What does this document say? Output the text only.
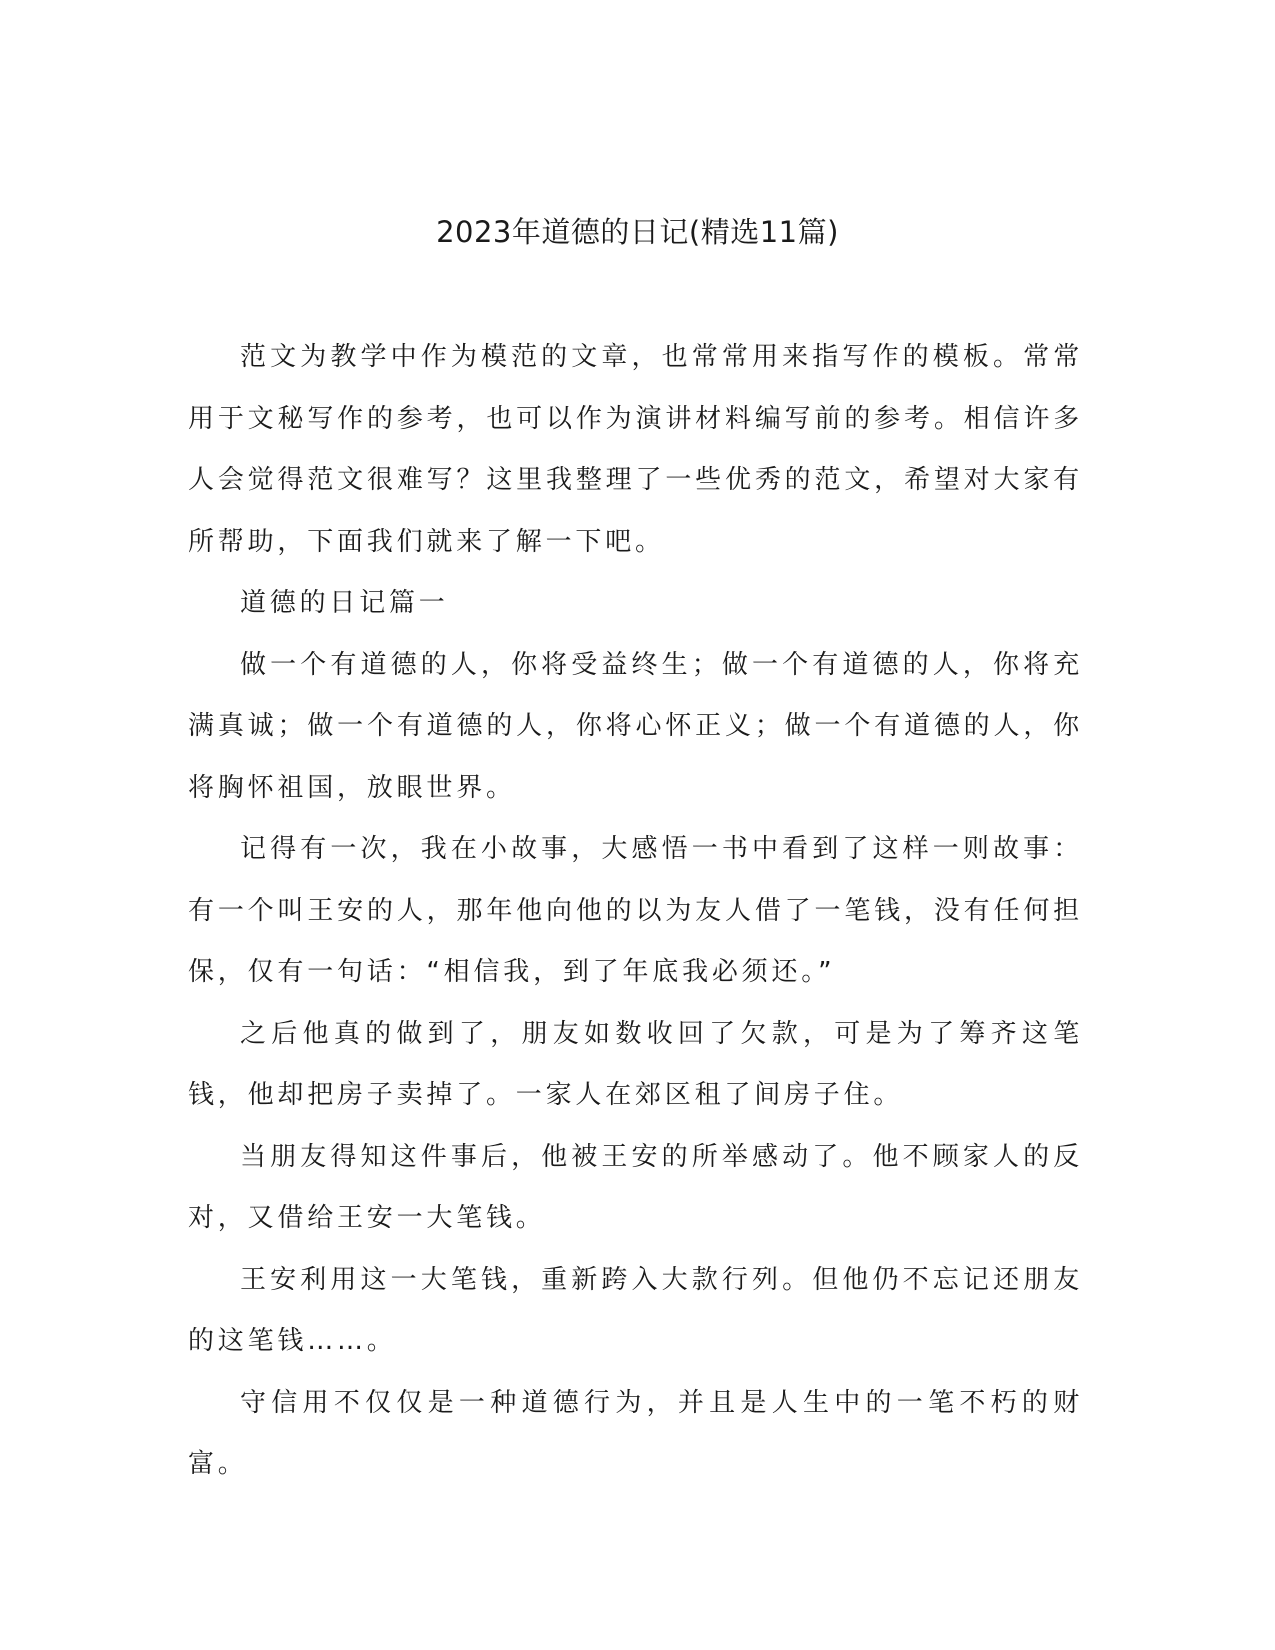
2023年道德的日记(精选11篇)

范文为教学中作为模范的文章，也常常用来指写作的模板。常常用于文秘写作的参考，也可以作为演讲材料编写前的参考。相信许多人会觉得范文很难写？这里我整理了一些优秀的范文，希望对大家有所帮助，下面我们就来了解一下吧。

道德的日记篇一

做一个有道德的人，你将受益终生；做一个有道德的人，你将充满真诚；做一个有道德的人，你将心怀正义；做一个有道德的人，你将胸怀祖国，放眼世界。

记得有一次，我在小故事，大感悟一书中看到了这样一则故事：有一个叫王安的人，那年他向他的以为友人借了一笔钱，没有任何担保，仅有一句话：“相信我，到了年底我必须还。”

之后他真的做到了，朋友如数收回了欠款，可是为了筹齐这笔钱，他却把房子卖掉了。一家人在郊区租了间房子住。

当朋友得知这件事后，他被王安的所举感动了。他不顾家人的反对，又借给王安一大笔钱。

王安利用这一大笔钱，重新跨入大款行列。但他仍不忘记还朋友的这笔钱……。

守信用不仅仅是一种道德行为，并且是人生中的一笔不朽的财富。
